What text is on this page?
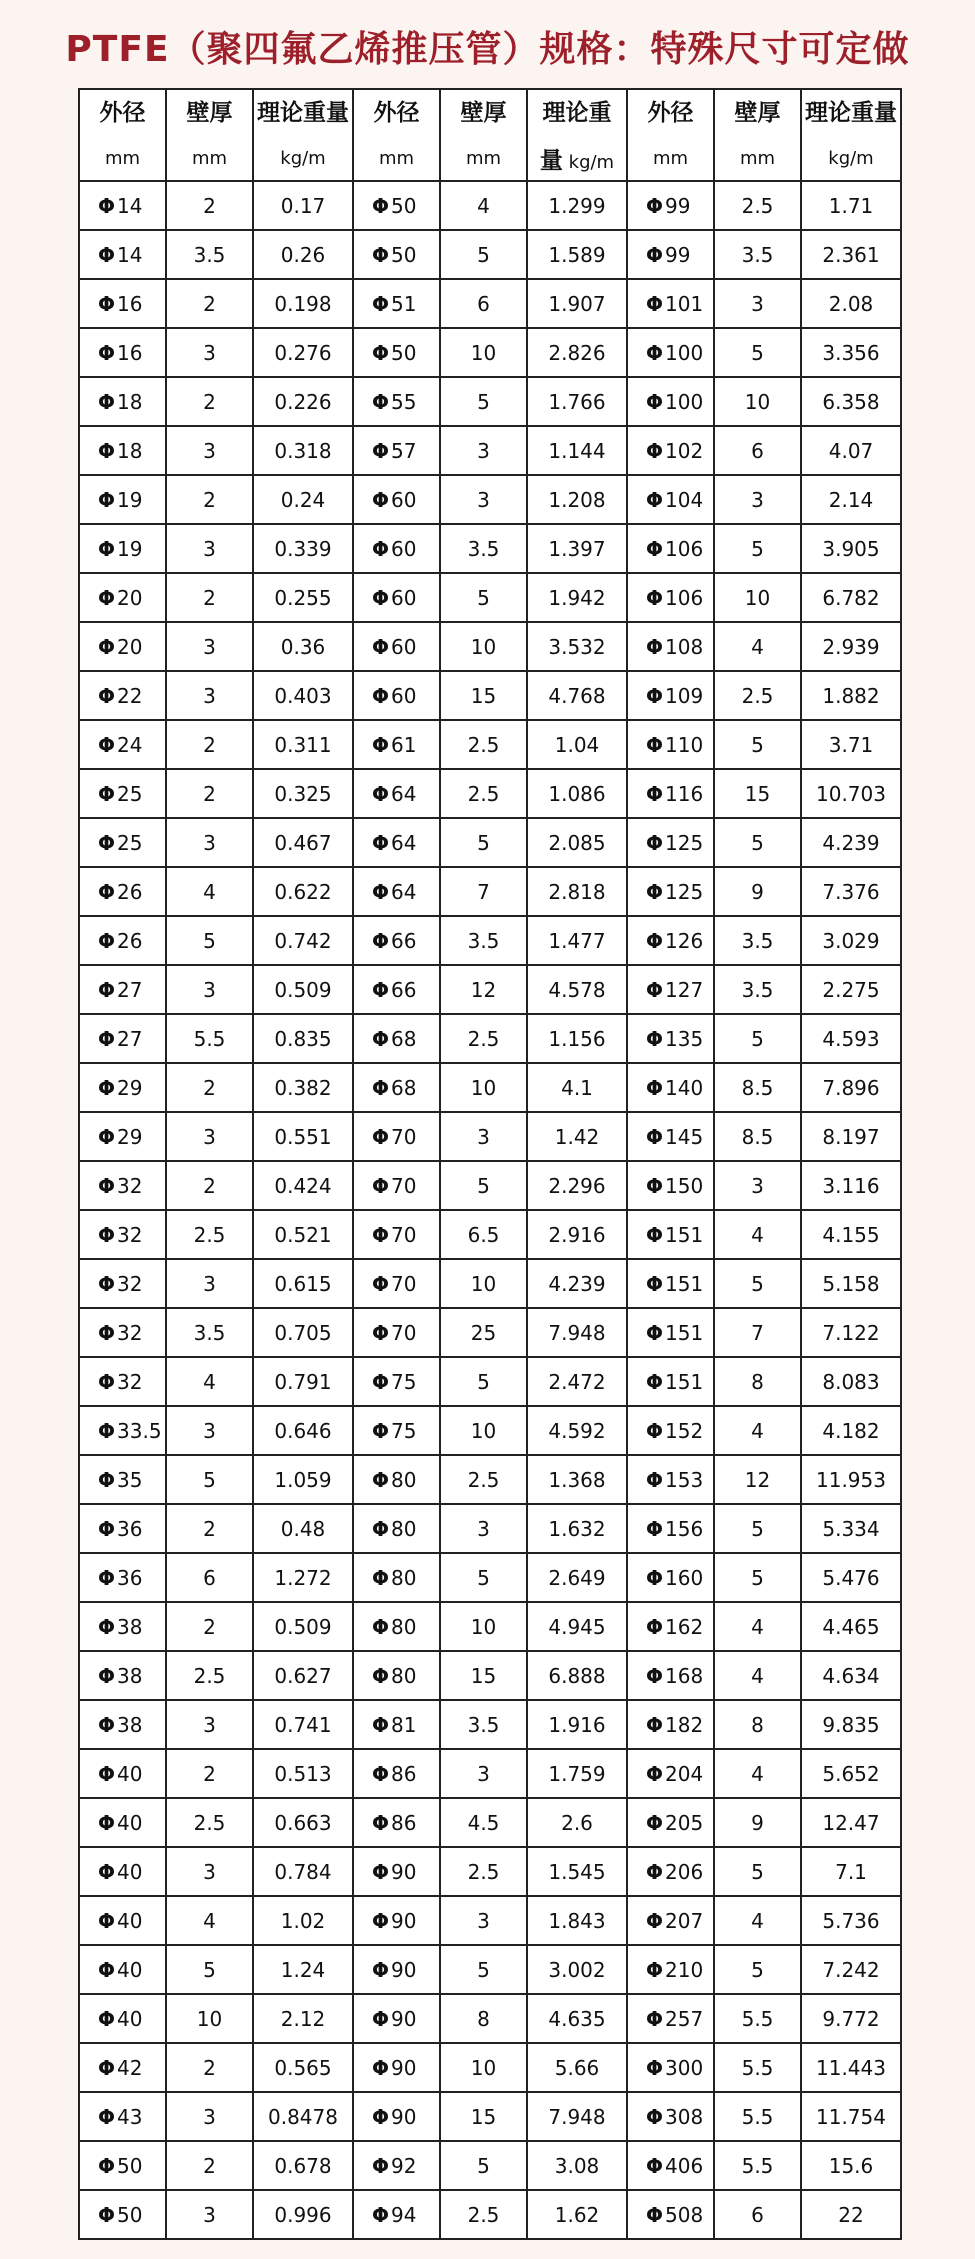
PTFE（聚四氟乙烯推压管）规格：特殊尺寸可定做
外径	壁厚	理论重量	外径	壁厚	理论重	外径	壁厚	理论重量
mm	mm	kg/m	mm	mm	量 kg/m	mm	mm	kg/m
Φ 14	2	0.17	Φ 50	4	1.299	Φ 99	2.5	1.71
Φ 14	3.5	0.26	Φ 50	5	1.589	Φ 99	3.5	2.361
Φ 16	2	0.198	Φ 51	6	1.907	Φ 101	3	2.08
Φ 16	3	0.276	Φ 50	10	2.826	Φ 100	5	3.356
Φ 18	2	0.226	Φ 55	5	1.766	Φ 100	10	6.358
Φ 18	3	0.318	Φ 57	3	1.144	Φ 102	6	4.07
Φ 19	2	0.24	Φ 60	3	1.208	Φ 104	3	2.14
Φ 19	3	0.339	Φ 60	3.5	1.397	Φ 106	5	3.905
Φ 20	2	0.255	Φ 60	5	1.942	Φ 106	10	6.782
Φ 20	3	0.36	Φ 60	10	3.532	Φ 108	4	2.939
Φ 22	3	0.403	Φ 60	15	4.768	Φ 109	2.5	1.882
Φ 24	2	0.311	Φ 61	2.5	1.04	Φ 110	5	3.71
Φ 25	2	0.325	Φ 64	2.5	1.086	Φ 116	15	10.703
Φ 25	3	0.467	Φ 64	5	2.085	Φ 125	5	4.239
Φ 26	4	0.622	Φ 64	7	2.818	Φ 125	9	7.376
Φ 26	5	0.742	Φ 66	3.5	1.477	Φ 126	3.5	3.029
Φ 27	3	0.509	Φ 66	12	4.578	Φ 127	3.5	2.275
Φ 27	5.5	0.835	Φ 68	2.5	1.156	Φ 135	5	4.593
Φ 29	2	0.382	Φ 68	10	4.1	Φ 140	8.5	7.896
Φ 29	3	0.551	Φ 70	3	1.42	Φ 145	8.5	8.197
Φ 32	2	0.424	Φ 70	5	2.296	Φ 150	3	3.116
Φ 32	2.5	0.521	Φ 70	6.5	2.916	Φ 151	4	4.155
Φ 32	3	0.615	Φ 70	10	4.239	Φ 151	5	5.158
Φ 32	3.5	0.705	Φ 70	25	7.948	Φ 151	7	7.122
Φ 32	4	0.791	Φ 75	5	2.472	Φ 151	8	8.083
Φ 33.5	3	0.646	Φ 75	10	4.592	Φ 152	4	4.182
Φ 35	5	1.059	Φ 80	2.5	1.368	Φ 153	12	11.953
Φ 36	2	0.48	Φ 80	3	1.632	Φ 156	5	5.334
Φ 36	6	1.272	Φ 80	5	2.649	Φ 160	5	5.476
Φ 38	2	0.509	Φ 80	10	4.945	Φ 162	4	4.465
Φ 38	2.5	0.627	Φ 80	15	6.888	Φ 168	4	4.634
Φ 38	3	0.741	Φ 81	3.5	1.916	Φ 182	8	9.835
Φ 40	2	0.513	Φ 86	3	1.759	Φ 204	4	5.652
Φ 40	2.5	0.663	Φ 86	4.5	2.6	Φ 205	9	12.47
Φ 40	3	0.784	Φ 90	2.5	1.545	Φ 206	5	7.1
Φ 40	4	1.02	Φ 90	3	1.843	Φ 207	4	5.736
Φ 40	5	1.24	Φ 90	5	3.002	Φ 210	5	7.242
Φ 40	10	2.12	Φ 90	8	4.635	Φ 257	5.5	9.772
Φ 42	2	0.565	Φ 90	10	5.66	Φ 300	5.5	11.443
Φ 43	3	0.8478	Φ 90	15	7.948	Φ 308	5.5	11.754
Φ 50	2	0.678	Φ 92	5	3.08	Φ 406	5.5	15.6
Φ 50	3	0.996	Φ 94	2.5	1.62	Φ 508	6	22
